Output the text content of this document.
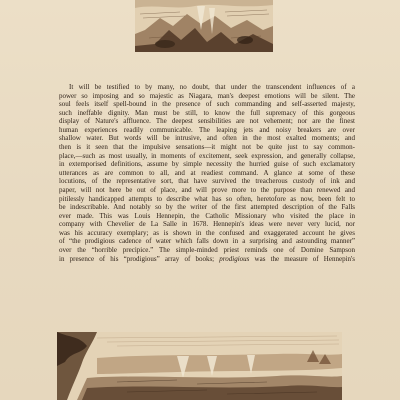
It will be testified to by many, no doubt, that under the transcendent influences of a
power so imposing and so majestic as Niagara, man's deepest emotions will be silent. The
soul feels itself spell-bound in the presence of such commanding and self-asserted majesty,
such ineffable dignity. Man must be still, to know the full supremacy of this gorgeous
display of Nature's affluence. The deepest sensibilities are not vehement; nor are the finest
human experiences readily communicable. The leaping jets and noisy breakers are over
shallow water. But words will be intrusive, and often in the most exalted moments; and
then is it seen that the impulsive sensations—it might not be quite just to say common-
place,—such as most usually, in moments of excitement, seek expression, and generally collapse,
in extemporised definitions, assume by simple necessity the hurried guise of such exclamatory
utterances as are common to all, and at readiest command. A glance at some of these
locutions, of the representative sort, that have survived the treacherous custody of ink and
paper, will not here be out of place, and will prove more to the purpose than renewed and
pitilessly handicapped attempts to describe what has so often, heretofore as now, been felt to
be indescribable. And notably so by the writer of the first attempted description of the Falls
ever made. This was Louis Hennepin, the Catholic Missionary who visited the place in
company with Chevelier de La Salle in 1678. Hennepin's ideas were never very lucid, nor
was his accuracy exemplary; as is shown in the confused and exaggerated account he gives
of “the prodigious cadence of water which falls down in a surprising and astounding manner”
over the “horrible precipice.” The simple-minded priest reminds one of Domine Sampson
in presence of his “prodigious” array of books; prodigious was the measure of Hennepin's
